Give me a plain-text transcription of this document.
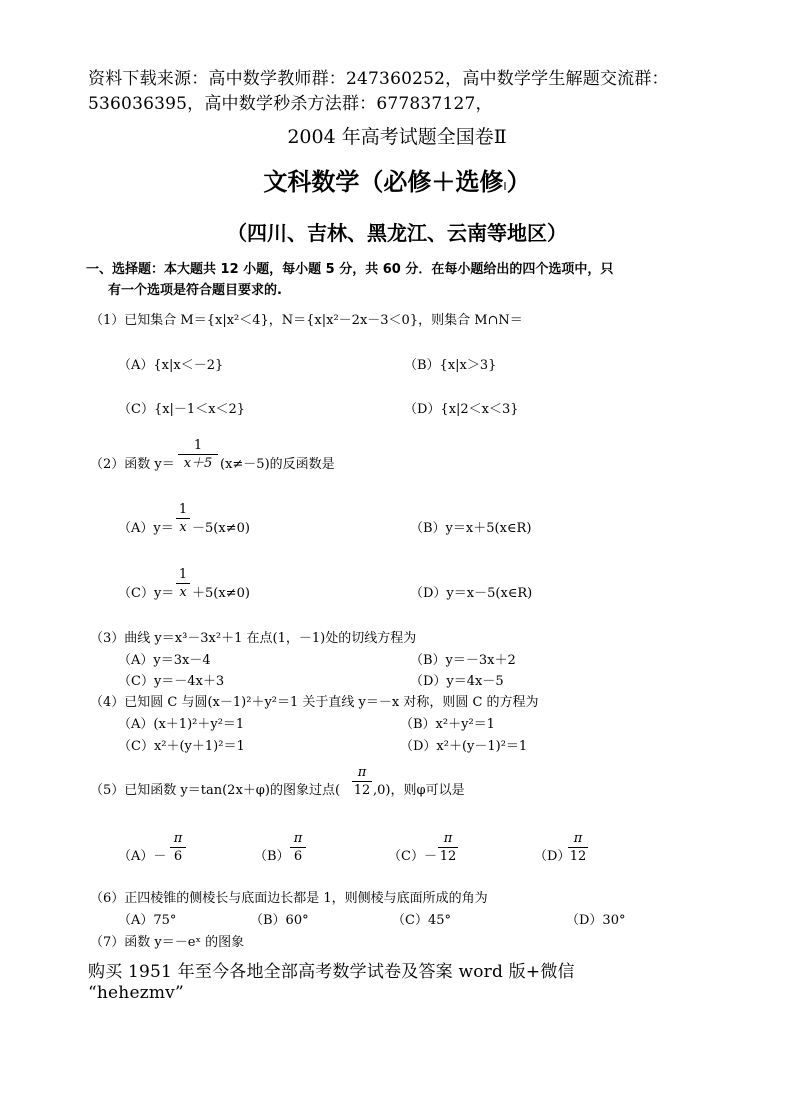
资料下载来源：高中数学教师群：247360252，高中数学学生解题交流群：
536036395，高中数学秒杀方法群：677837127，
2004 年高考试题全国卷Ⅱ
文科数学（必修＋选修Ⅰ）
（四川、吉林、黑龙江、云南等地区）
一、选择题：本大题共 12 小题，每小题 5 分，共 60 分．在每小题给出的四个选项中，只
有一个选项是符合题目要求的.
（1）已知集合 M＝{x|x²＜4}，N＝{x|x²－2x－3＜0}，则集合 M∩N＝
（A）{x|x＜－2}	（B）{x|x＞3}
（C）{x|－1＜x＜2}	（D）{x|2＜x＜3}
（2）函数 y＝
1
x＋5 (x≠－5)的反函数是
（A）y＝
1
x －5(x≠0)	（B）y＝x＋5(x∈R)
（C）y＝
1
x ＋5(x≠0)	（D）y＝x－5(x∈R)
（3）曲线 y＝x³－3x²＋1 在点(1，－1)处的切线方程为
（A）y＝3x－4	（B）y＝－3x＋2
（C）y＝－4x＋3	（D）y＝4x－5
（4）已知圆 C 与圆(x－1)²＋y²＝1 关于直线 y＝－x 对称，则圆 C 的方程为
（A）(x＋1)²＋y²＝1	（B）x²＋y²＝1
（C）x²＋(y＋1)²＝1	（D）x²＋(y－1)²＝1
（5）已知函数 y＝tan(2x＋φ)的图象过点(
π
12 ,0)，则φ可以是
（A）－
π
6	（B）
π
6	（C）－
π
12	（D）
π
12
（6）正四棱锥的侧棱长与底面边长都是 1，则侧棱与底面所成的角为
（A）75°	（B）60°	（C）45°	（D）30°
（7）函数 y＝－eˣ 的图象
购买 1951 年至今各地全部高考数学试卷及答案 word 版+微信
“hehezmv”
